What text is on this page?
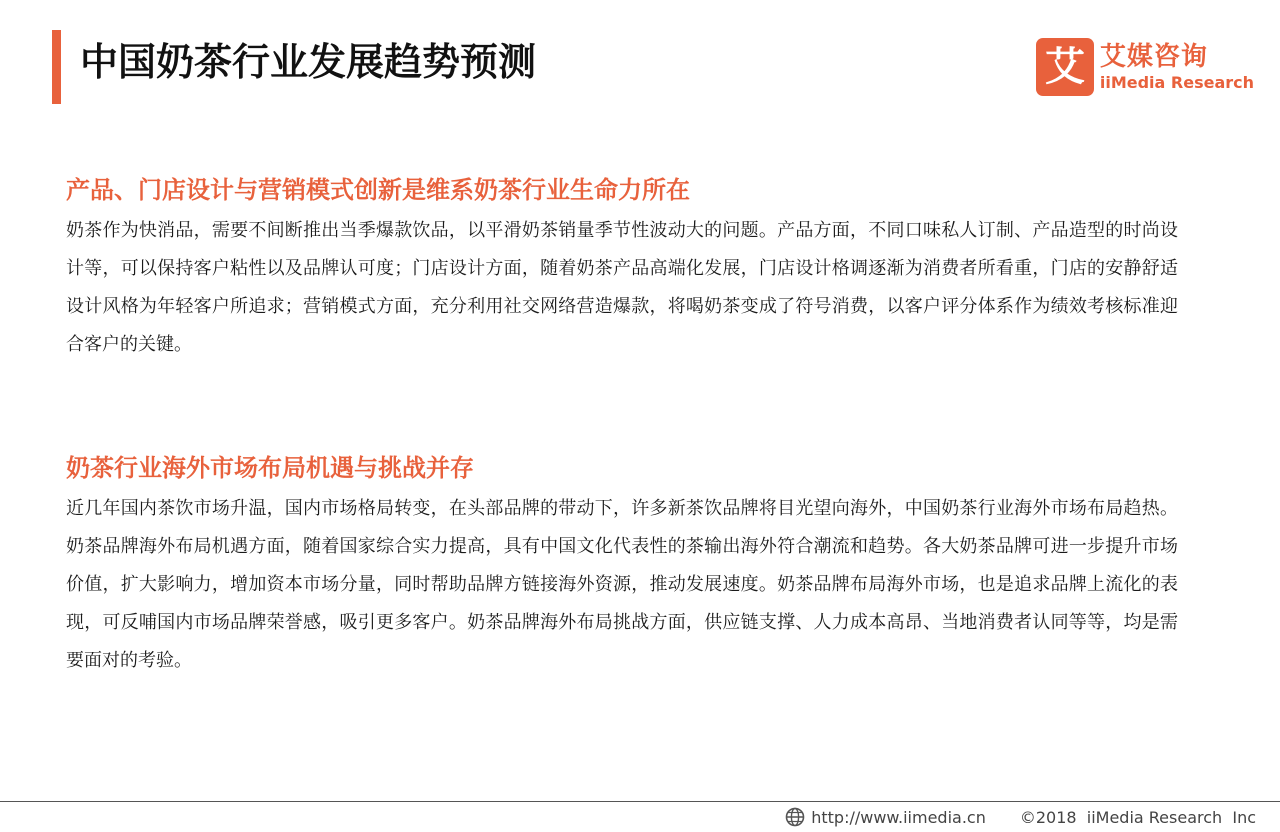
中国奶茶行业发展趋势预测	艾 艾媒咨询
iiMedia Research
产品、门店设计与营销模式创新是维系奶茶行业生命力所在

奶茶作为快消品，需要不间断推出当季爆款饮品，以平滑奶茶销量季节性波动大的问题。产品方面，不同口味私人订制、产品造型的时尚设计等，可以保持客户粘性以及品牌认可度；门店设计方面，随着奶茶产品高端化发展，门店设计格调逐渐为消费者所看重，门店的安静舒适设计风格为年轻客户所追求；营销模式方面，充分利用社交网络营造爆款，将喝奶茶变成了符号消费，以客户评分体系作为绩效考核标准迎合客户的关键。

奶茶行业海外市场布局机遇与挑战并存

近几年国内茶饮市场升温，国内市场格局转变，在头部品牌的带动下，许多新茶饮品牌将目光望向海外，中国奶茶行业海外市场布局趋热。奶茶品牌海外布局机遇方面，随着国家综合实力提高，具有中国文化代表性的茶输出海外符合潮流和趋势。各大奶茶品牌可进一步提升市场价值，扩大影响力，增加资本市场分量，同时帮助品牌方链接海外资源，推动发展速度。奶茶品牌布局海外市场，也是追求品牌上流化的表现，可反哺国内市场品牌荣誉感，吸引更多客户。奶茶品牌海外布局挑战方面，供应链支撑、人力成本高昂、当地消费者认同等等，均是需要面对的考验。

http://www.iimedia.cn ©2018  iiMedia Research  Inc
